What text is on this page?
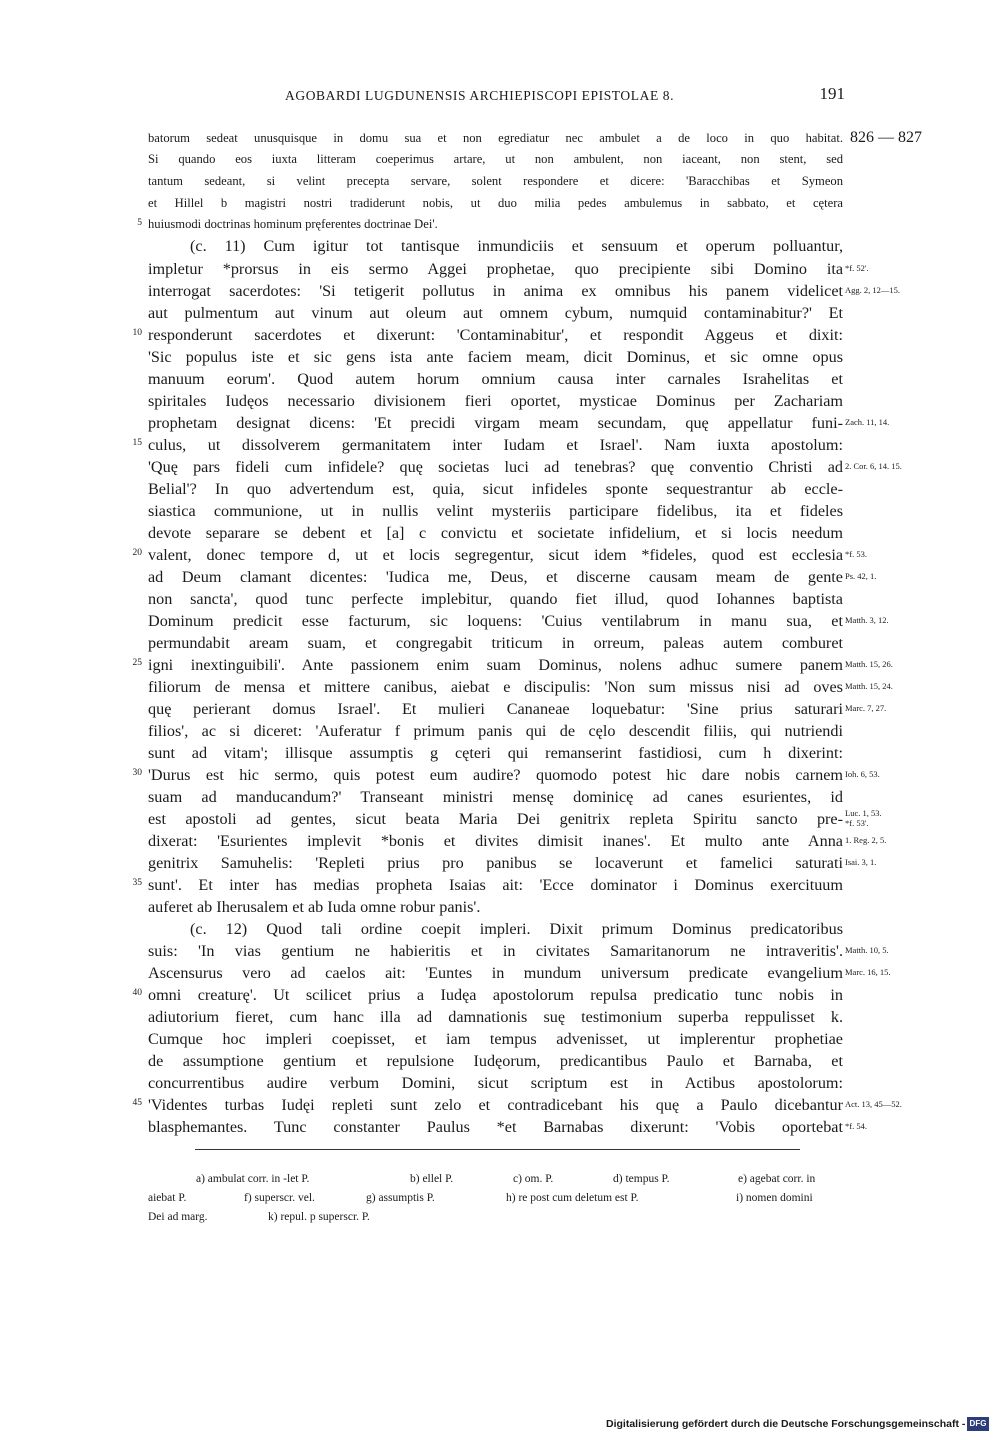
AGOBARDI LUGDUNENSIS ARCHIEPISCOPI EPISTOLAE 8.	191
826 — 827
batorum sedeat unusquisque in domu sua et non egrediatur nec ambulet a de loco in quo habitat.
Si quando eos iuxta litteram coeperimus artare, ut non ambulent, non iaceant, non stent, sed
tantum sedeant, si velint precepta servare, solent respondere et dicere: 'Baracchibas et Symeon
et Hillel b magistri nostri tradiderunt nobis, ut duo milia pedes ambulemus in sabbato, et cętera
huiusmodi doctrinas hominum pręferentes doctrinae Dei'.
(c. 11) Cum igitur tot tantisque inmundiciis et sensuum et operum polluantur,
impletur *prorsus in eis sermo Aggei prophetae, quo precipiente sibi Domino ita
interrogat sacerdotes: 'Si tetigerit pollutus in anima ex omnibus his panem videlicet
aut pulmentum aut vinum aut oleum aut omnem cybum, numquid contaminabitur?' Et
responderunt sacerdotes et dixerunt: 'Contaminabitur', et respondit Aggeus et dixit:
'Sic populus iste et sic gens ista ante faciem meam, dicit Dominus, et sic omne opus
manuum eorum'. Quod autem horum omnium causa inter carnales Israhelitas et
spiritales Iudęos necessario divisionem fieri oportet, mysticae Dominus per Zachariam
prophetam designat dicens: 'Et precidi virgam meam secundam, quę appellatur funi-
culus, ut dissolverem germanitatem inter Iudam et Israel'. Nam iuxta apostolum:
'Quę pars fideli cum infidele? quę societas luci ad tenebras? quę conventio Christi ad
Belial'? In quo advertendum est, quia, sicut infideles sponte sequestrantur ab eccle-
siastica communione, ut in nullis velint mysteriis participare fidelibus, ita et fideles
devote separare se debent et [a] c convictu et societate infidelium, et si locis needum
valent, donec tempore d, ut et locis segregentur, sicut idem *fideles, quod est ecclesia
ad Deum clamant dicentes: 'Iudica me, Deus, et discerne causam meam de gente
non sancta', quod tunc perfecte implebitur, quando fiet illud, quod Iohannes baptista
Dominum predicit esse facturum, sic loquens: 'Cuius ventilabrum in manu sua, et
permundabit aream suam, et congregabit triticum in orreum, paleas autem comburet
igni inextinguibili'. Ante passionem enim suam Dominus, nolens adhuc sumere panem
filiorum de mensa et mittere canibus, aiebat e discipulis: 'Non sum missus nisi ad oves
quę perierant domus Israel'. Et mulieri Cananeae loquebatur: 'Sine prius saturari
filios', ac si diceret: 'Auferatur f primum panis qui de cęlo descendit filiis, qui nutriendi
sunt ad vitam'; illisque assumptis g cęteri qui remanserint fastidiosi, cum h dixerint:
'Durus est hic sermo, quis potest eum audire? quomodo potest hic dare nobis carnem
suam ad manducandum?' Transeant ministri mensę dominicę ad canes esurientes, id
est apostoli ad gentes, sicut beata Maria Dei genitrix repleta Spiritu sancto pre-
dixerat: 'Esurientes implevit *bonis et divites dimisit inanes'. Et multo ante Anna
genitrix Samuhelis: 'Repleti prius pro panibus se locaverunt et famelici saturati
sunt'. Et inter has medias propheta Isaias ait: 'Ecce dominator i Dominus exercituum
auferet ab Iherusalem et ab Iuda omne robur panis'.
(c. 12) Quod tali ordine coepit impleri. Dixit primum Dominus predicatoribus
suis: 'In vias gentium ne habieritis et in civitates Samaritanorum ne intraveritis'.
Ascensurus vero ad caelos ait: 'Euntes in mundum universum predicate evangelium
omni creaturę'. Ut scilicet prius a Iudęa apostolorum repulsa predicatio tunc nobis in
adiutorium fieret, cum hanc illa ad damnationis suę testimonium superba reppulisset k.
Cumque hoc impleri coepisset, et iam tempus advenisset, ut implerentur prophetiae
de assumptione gentium et repulsione Iudęorum, predicantibus Paulo et Barnaba, et
concurrentibus audire verbum Domini, sicut scriptum est in Actibus apostolorum:
'Videntes turbas Iudęi repleti sunt zelo et contradicebant his quę a Paulo dicebantur
blasphemantes. Tunc constanter Paulus *et Barnabas dixerunt: 'Vobis oportebat
5
10
15
20
25
30
35
40
45
*f. 52'.
Agg. 2, 12—15.
Zach. 11, 14.
2. Cor. 6, 14. 15.
*f. 53.
Ps. 42, 1.
Matth. 3, 12.
Matth. 15, 26.
Matth. 15, 24.
Marc. 7, 27.
Ioh. 6, 53.
Luc. 1, 53.
*f. 53'.
1. Reg. 2, 5.
Isai. 3, 1.
Matth. 10, 5.
Marc. 16, 15.
Act. 13, 45—52.
*f. 54.
a) ambulat corr. in -let P.	b) ellel P.	c) om. P.	d) tempus P.	e) agebat corr. in
aiebat P.	f) superscr. vel.	g) assumptis P.	h) re post cum deletum est P.	i) nomen domini
Dei ad marg.	k) repul. p superscr. P.
Digitalisierung gefördert durch die Deutsche Forschungsgemeinschaft - DFG
